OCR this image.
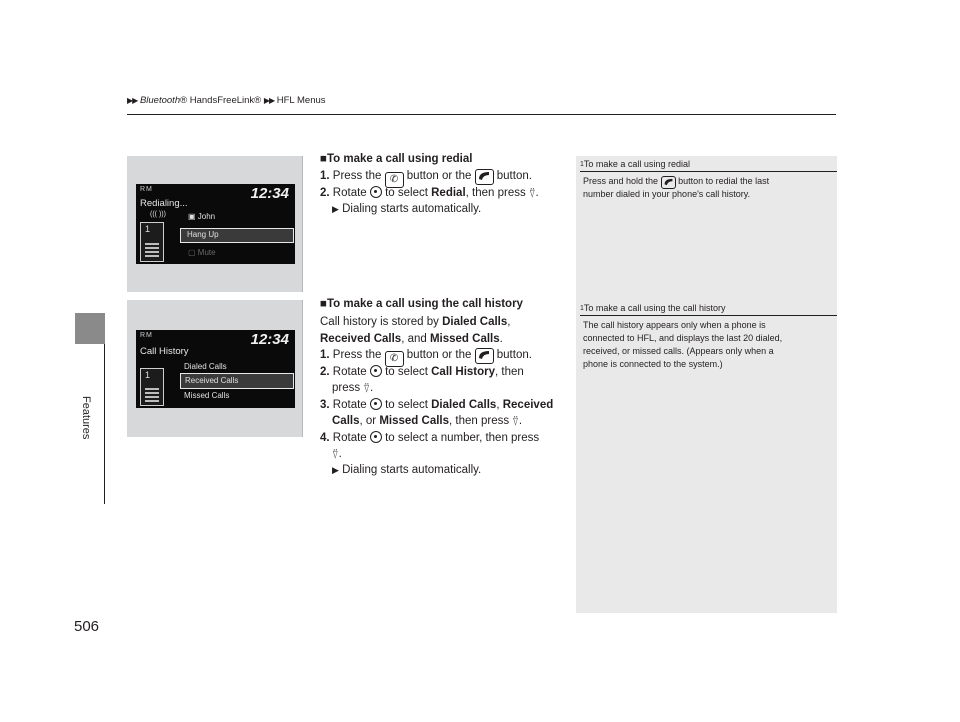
▶▶ Bluetooth® HandsFreeLink® ▶▶ HFL Menus
Features
506
RM	12:34
Redialing...
1
((( )))	▣ John
Hang Up
▢ Mute
RM	12:34
Call History
1
Dialed Calls
Received Calls
Missed Calls
■To make a call using redial
1. Press the ✆ button or the button.
2. Rotate to select Redial, then press ⍢.
▶ Dialing starts automatically.
■To make a call using the call history
Call history is stored by Dialed Calls,
Received Calls, and Missed Calls.
1. Press the ✆ button or the button.
2. Rotate to select Call History, then
press ⍢.
3. Rotate to select Dialed Calls, Received
Calls, or Missed Calls, then press ⍢.
4. Rotate to select a number, then press
⍢.
▶ Dialing starts automatically.
1To make a call using redial
Press and hold the button to redial the last
number dialed in your phone's call history.
1To make a call using the call history
The call history appears only when a phone is
connected to HFL, and displays the last 20 dialed,
received, or missed calls. (Appears only when a
phone is connected to the system.)
